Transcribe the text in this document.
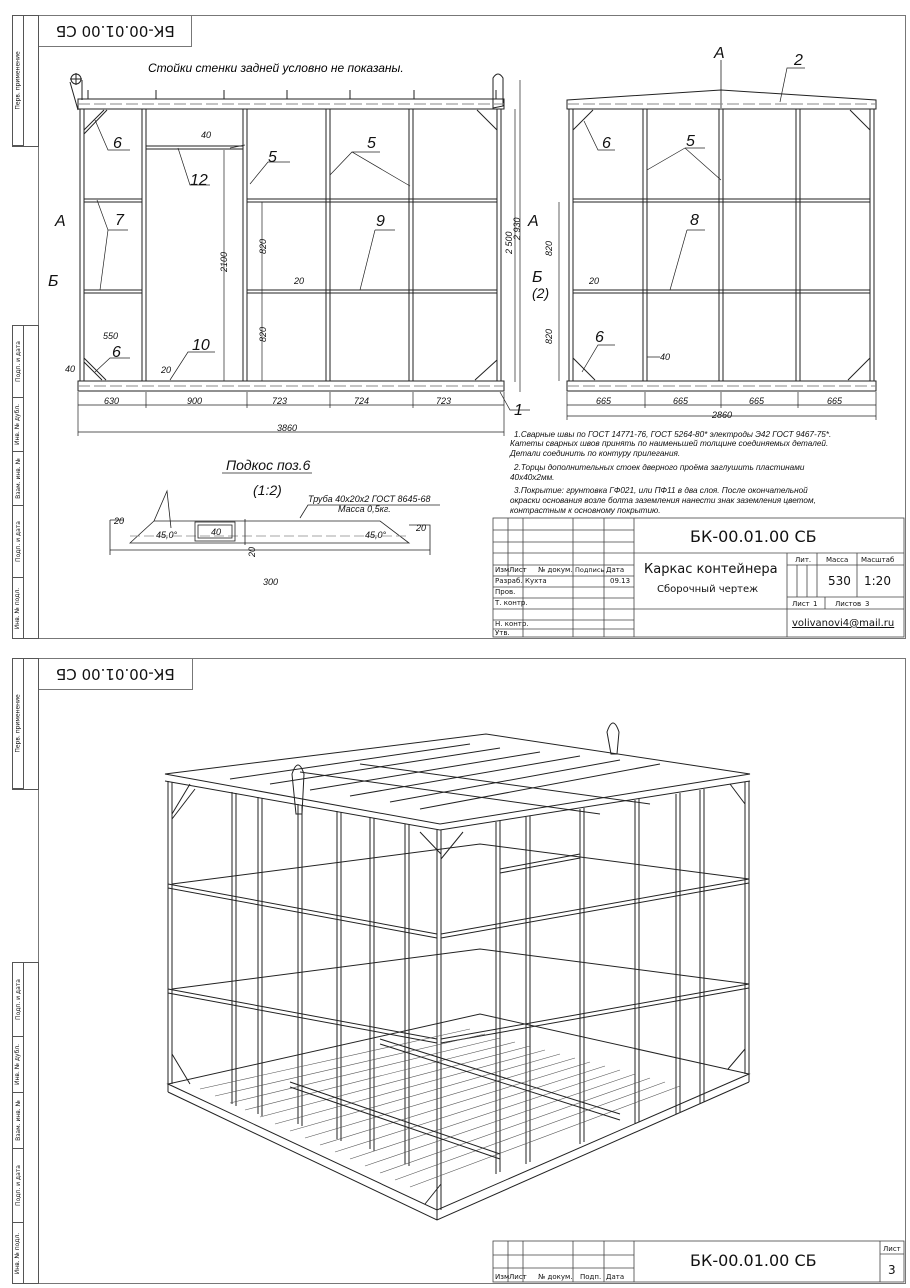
БК-00.01.00 СБ
Перв. применение
Подп. и дата
Инв. № дубл.
Взам. инв. №
Подп. и дата
Инв. № подл.
Стойки стенки задней условно не показаны.
6
12
5
5
7	9
6	10
1
А
Б
2100
820
820
2 500
2 930
40
20
550
40	20
630	900	723	724	723
3860
А	2
6	5
8
6
А
Б
(2)
820
820
20
40
665	665	665	665
2860
Подкос поз.6
(1:2)
Труба 40х20х2 ГОСТ 8645-68
Масса 0,5кг.
45,0°	45,0°
20
20
40
20
300
1.Сварные швы по ГОСТ 14771-76, ГОСТ 5264-80* электроды Э42 ГОСТ 9467-75*.
Катеты сварных швов принять по наименьшей толщине соединяемых деталей.
Детали соединить по контуру прилегания.
2.Торцы дополнительных стоек дверного проёма заглушить пластинами
40х40х2мм.
3.Покрытие: грунтовка ГФ021, или ПФ11 в два слоя. После окончательной
окраски основания возле болта заземления нанести знак заземления цветом,
контрастным к основному покрытию.
Изм Лист № докум. Подпись Дата
Разраб. Кухта	09.13
Пров.
Т. контр.
Н. контр.
Утв.
Лит. Масса Масштаб
Лист 1	Листов 3
БК-00.01.00 СБ
Каркас контейнера
Сборочный чертеж
530 1:20
volivanovi4@mail.ru
БК-00.01.00 СБ
Перв. применение
Подп. и дата
Инв. № дубл.
Взам. инв. №
Подп. и дата
Инв. № подл.
Изм Лист № докум. Подп. Дата
БК-00.01.00 СБ
Лист
3
